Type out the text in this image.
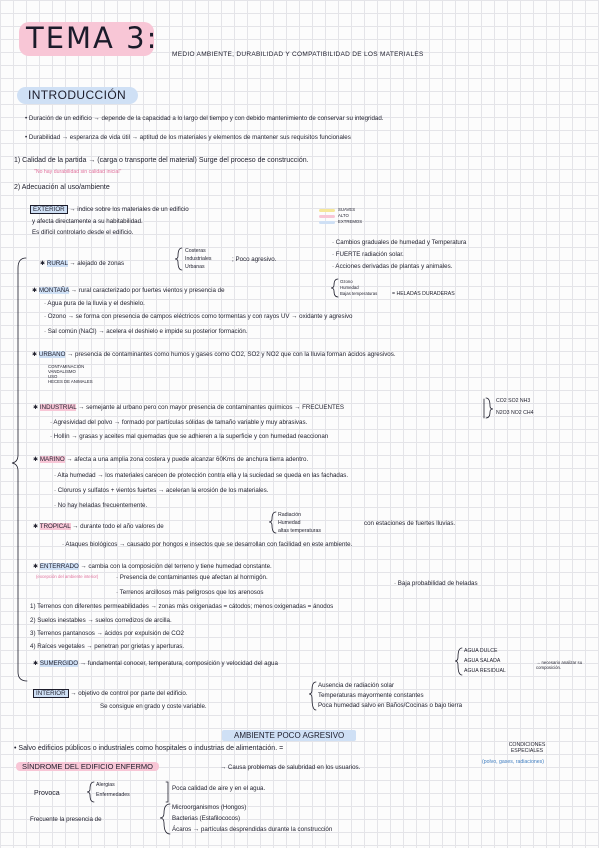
TEMA 3: MEDIO AMBIENTE, DURABILIDAD Y COMPATIBILIDAD DE LOS MATERIALES
INTRODUCCIÓN
• Duración de un edificio → depende de la capacidad a lo largo del tiempo y con debido mantenimiento de conservar su integridad.
• Durabilidad → esperanza de vida útil → aptitud de los materiales y elementos de mantener sus requisitos funcionales
1) Calidad de la partida → (carga o transporte del material) Surge del proceso de construcción.
"No hay durabilidad sin calidad inicial"
2) Adecuación al uso/ambiente
EXTERIOR → indice sobre los materiales de un edificio
y afecta directamente a su habitabilidad.
Es difícil controlarlo desde el edificio.
SUAVES
ALTO
EXTREMOS
· Cambios graduales de humedad y Temperatura
· FUERTE radiación solar.
· Acciones derivadas de plantas y animales.
✱ RURAL → alejado de zonas
Costeras
Industriales
Urbanas
; Poco agresivo.
✱ MONTAÑA → rural caracterizado por fuertes vientos y presencia de
Ozono
Humedad
Bajas temperaturas	= HELADAS DURADERAS
· Agua pura de la lluvia y el deshielo.
· Ozono → se forma con presencia de campos eléctricos como tormentas y con rayos UV → oxidante y agresivo
· Sal común (NaCl) → acelera el deshielo e impide su posterior formación.
✱ URBANO → presencia de contaminantes como humos y gases como CO2, SO2 y NO2 que con la lluvia forman ácidos agresivos.
CONTAMINACIÓN
VANDALISMO
USO
HECES DE ANIMALES
✱ INDUSTRIAL → semejante al urbano pero con mayor presencia de contaminantes químicos → FRECUENTES
CO2 SO2 NH3
N2O3 NO2 CH4
· Agresividad del polvo → formado por partículas sólidas de tamaño variable y muy abrasivas.
· Hollín → grasas y aceites mal quemadas que se adhieren a la superficie y con humedad reaccionan
✱ MARINO → afecta a una amplia zona costera y puede alcanzar 60Kms de anchura tierra adentro.
· Alta humedad → los materiales carecen de protección contra ella y la suciedad se queda en las fachadas.
· Cloruros y sulfatos + vientos fuertes → aceleran la erosión de los materiales.
· No hay heladas frecuentemente.
✱ TROPICAL → durante todo el año valores de
Radiación
Humedad
altas temperaturas
con estaciones de fuertes lluvias.
· Ataques biológicos → causado por hongos e insectos que se desarrollan con facilidad en este ambiente.
✱ ENTERRADO → cambia con la composición del terreno y tiene humedad constante.
(excepción del ambiente interior)	· Presencia de contaminantes que afectan al hormigón.
· Terrenos arcillosos más peligrosos que los arenosos
· Baja probabilidad de heladas
1) Terrenos con diferentes permeabilidades → zonas más oxigenadas = cátodos; menos oxigenadas = ánodos
2) Suelos inestables → suelos corredizos de arcilla.
3) Terrenos pantanosos → ácidos por expulsión de CO2
4) Raíces vegetales → penetran por grietas y aperturas.
✱ SUMERGIDO → fundamental conocer, temperatura, composición y velocidad del agua
AGUA DULCE
AGUA SALADA
AGUA RESIDUAL
→ necesario analizar su composición.
INTERIOR → objetivo de control por parte del edificio.
Se consigue en grado y coste variable.
Ausencia de radiación solar
Temperaturas mayormente constantes
Poca humedad salvo en Baños/Cocinas o bajo tierra
AMBIENTE POCO AGRESIVO
• Salvo edificios públicos o industriales como hospitales o industrias de alimentación. =	CONDICIONES ESPECIALES
(polvo, gases, radiaciones)
SÍNDROME DEL EDIFICIO ENFERMO	→ Causa problemas de salubridad en los usuarios.
Provoca
Alergias
Enfermedades
Poca calidad de aire y en el agua.
Frecuente la presencia de
Microorganismos (Hongos)
Bacterias (Estafilococos)
Ácaros → partículas desprendidas durante la construcción
